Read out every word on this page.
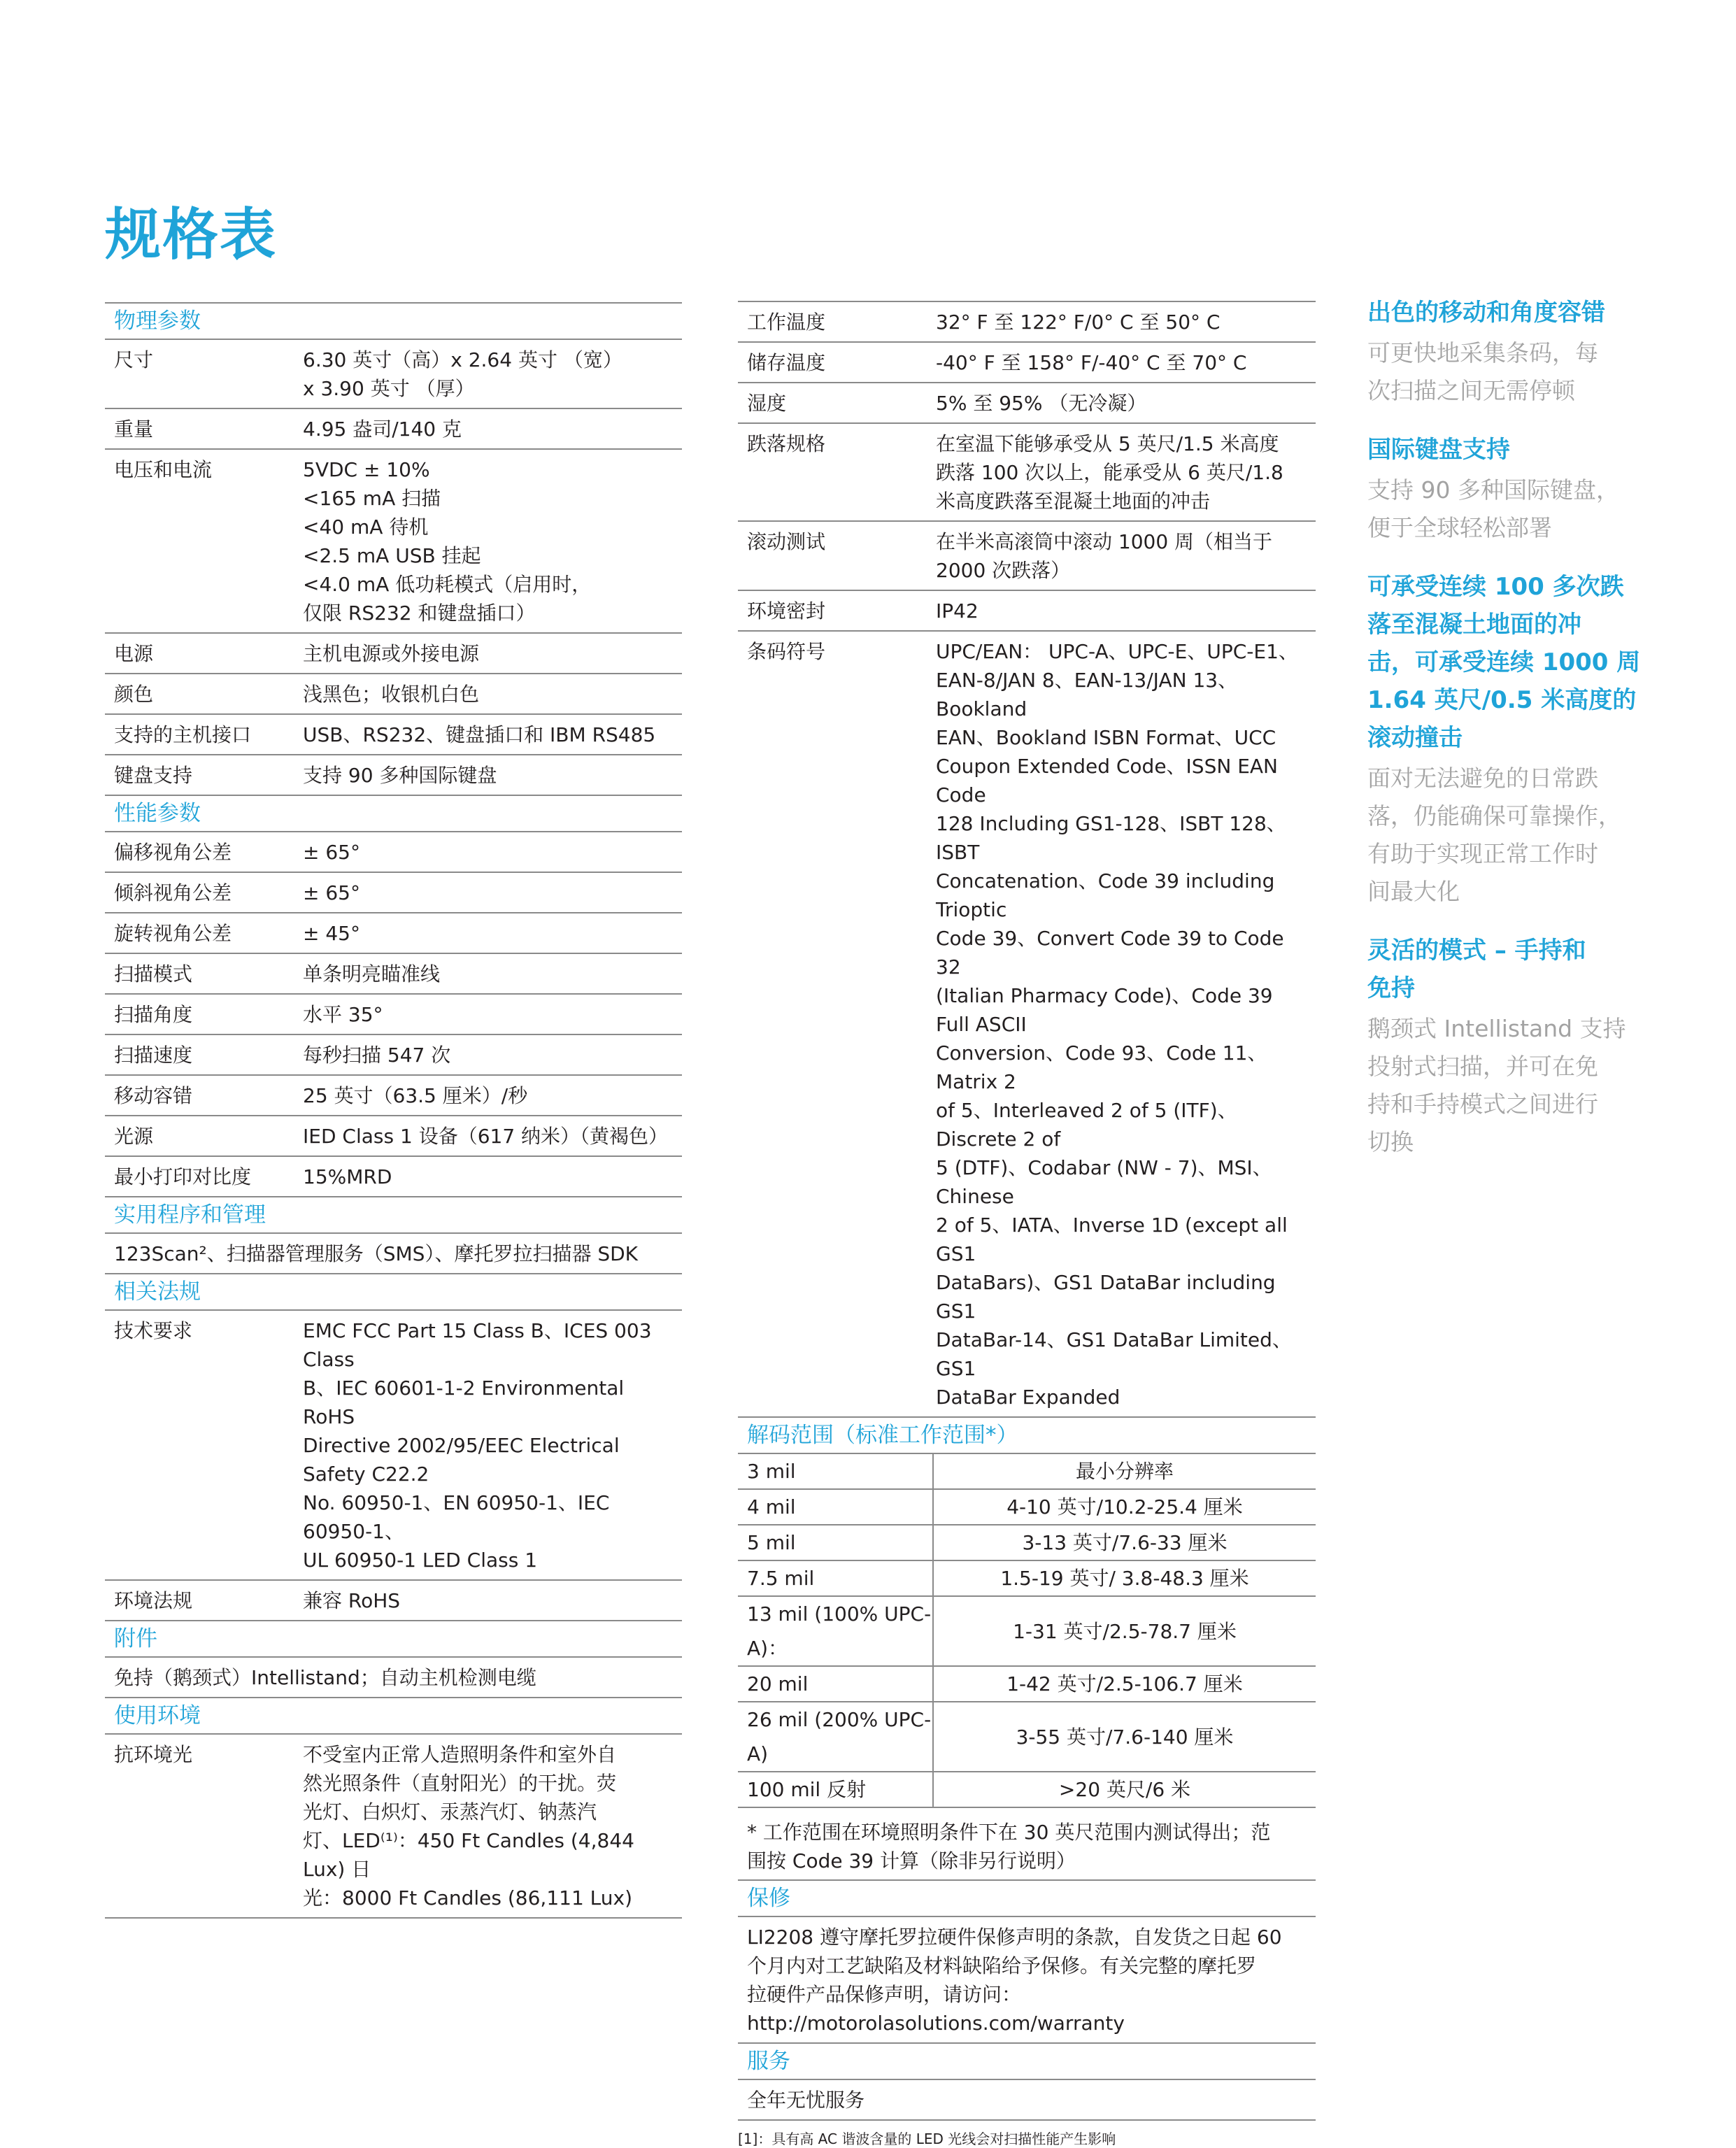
规格表
物理参数
尺寸	6.30 英寸（高）x 2.64 英寸 （宽）
x 3.90 英寸 （厚）
重量	4.95 盎司/140 克
电压和电流	5VDC ± 10%
<165 mA 扫描
<40 mA 待机
<2.5 mA USB 挂起
<4.0 mA 低功耗模式（启用时，
仅限 RS232 和键盘插口）
电源	主机电源或外接电源
颜色	浅黑色；收银机白色
支持的主机接口	USB、RS232、键盘插口和 IBM RS485
键盘支持	支持 90 多种国际键盘
性能参数
偏移视角公差	± 65°
倾斜视角公差	± 65°
旋转视角公差	± 45°
扫描模式	单条明亮瞄准线
扫描角度	水平 35°
扫描速度	每秒扫描 547 次
移动容错	25 英寸（63.5 厘米）/秒
光源	IED Class 1 设备（617 纳米）（黄褐色）
最小打印对比度	15%MRD
实用程序和管理
123Scan²、扫描器管理服务（SMS）、摩托罗拉扫描器 SDK
相关法规
技术要求	EMC FCC Part 15 Class B、ICES 003 Class
B、IEC 60601-1-2 Environmental RoHS
Directive 2002/95/EEC Electrical Safety C22.2
No. 60950-1、EN 60950-1、IEC 60950-1、
UL 60950-1 LED Class 1
环境法规	兼容 RoHS
附件
免持（鹅颈式）Intellistand；自动主机检测电缆
使用环境
抗环境光	不受室内正常人造照明条件和室外自
然光照条件（直射阳光）的干扰。荧
光灯、白炽灯、汞蒸汽灯、钠蒸汽
灯、LED⁽¹⁾：450 Ft Candles (4,844 Lux) 日
光：8000 Ft Candles (86,111 Lux)
工作温度	32° F 至 122° F/0° C 至 50° C
储存温度	-40° F 至 158° F/-40° C 至 70° C
湿度	5% 至 95% （无冷凝）
跌落规格	在室温下能够承受从 5 英尺/1.5 米高度
跌落 100 次以上，能承受从 6 英尺/1.8
米高度跌落至混凝土地面的冲击
滚动测试	在半米高滚筒中滚动 1000 周（相当于
2000 次跌落）
环境密封	IP42
条码符号	UPC/EAN： UPC-A、UPC-E、UPC-E1、
EAN-8/JAN 8、EAN-13/JAN 13、Bookland
EAN、Bookland ISBN Format、UCC
Coupon Extended Code、ISSN EAN Code
128 Including GS1-128、ISBT 128、ISBT
Concatenation、Code 39 including Trioptic
Code 39、Convert Code 39 to Code 32
(Italian Pharmacy Code)、Code 39 Full ASCII
Conversion、Code 93、Code 11、Matrix 2
of 5、Interleaved 2 of 5 (ITF)、Discrete 2 of
5 (DTF)、Codabar (NW - 7)、MSI、Chinese
2 of 5、IATA、Inverse 1D (except all GS1
DataBars)、GS1 DataBar including GS1
DataBar-14、GS1 DataBar Limited、GS1
DataBar Expanded
解码范围（标准工作范围*）
3 mil	最小分辨率
4 mil	4-10 英寸/10.2-25.4 厘米
5 mil	3-13 英寸/7.6-33 厘米
7.5 mil	1.5-19 英寸/ 3.8-48.3 厘米
13 mil (100% UPC-A)：	1-31 英寸/2.5-78.7 厘米
20 mil	1-42 英寸/2.5-106.7 厘米
26 mil (200% UPC-A)	3-55 英寸/7.6-140 厘米
100 mil 反射	>20 英尺/6 米
* 工作范围在环境照明条件下在 30 英尺范围内测试得出；范
围按 Code 39 计算（除非另行说明）
保修
LI2208 遵守摩托罗拉硬件保修声明的条款，自发货之日起 60
个月内对工艺缺陷及材料缺陷给予保修。有关完整的摩托罗
拉硬件产品保修声明，请访问：
http://motorolasolutions.com/warranty
服务
全年无忧服务
[1]：具有高 AC 谐波含量的 LED 光线会对扫描性能产生影响
出色的移动和角度容错
可更快地采集条码，每
次扫描之间无需停顿
国际键盘支持
支持 90 多种国际键盘，
便于全球轻松部署
可承受连续 100 多次跌
落至混凝土地面的冲
击，可承受连续 1000 周
1.64 英尺/0.5 米高度的
滚动撞击
面对无法避免的日常跌
落，仍能确保可靠操作，
有助于实现正常工作时
间最大化
灵活的模式 – 手持和
免持
鹅颈式 Intellistand 支持
投射式扫描，并可在免
持和手持模式之间进行
切换
